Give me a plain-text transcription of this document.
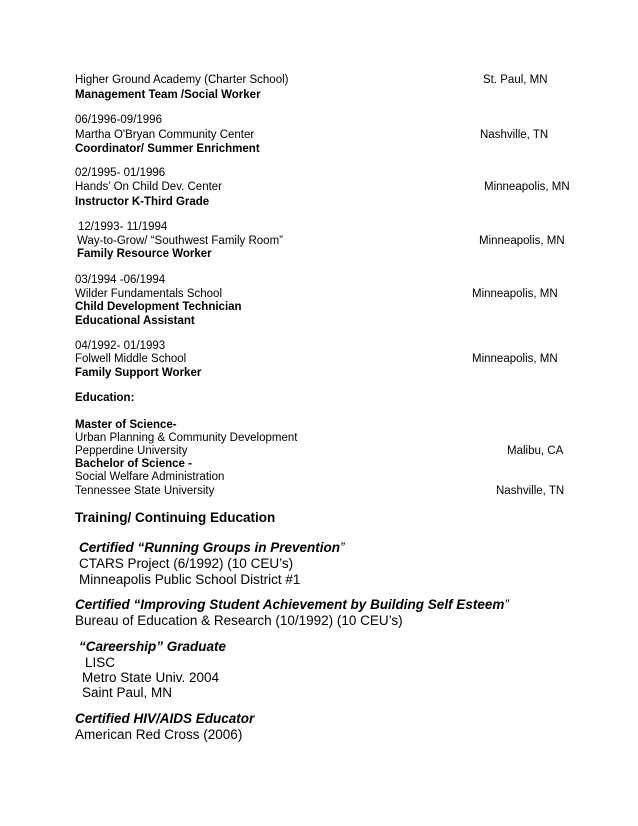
Higher Ground Academy (Charter School)	St. Paul, MN
Management Team /Social Worker
06/1996-09/1996
Martha O'Bryan Community Center	Nashville, TN
Coordinator/ Summer Enrichment
02/1995- 01/1996
Hands’ On Child Dev. Center	Minneapolis, MN
Instructor K-Third Grade
12/1993- 11/1994
Way-to-Grow/ “Southwest Family Room”	Minneapolis, MN
Family Resource Worker
03/1994 -06/1994
Wilder Fundamentals School	Minneapolis, MN
Child Development Technician
Educational Assistant
04/1992- 01/1993
Folwell Middle School	Minneapolis, MN
Family Support Worker
Education:
Master of Science-
Urban Planning & Community Development
Pepperdine University	Malibu, CA
Bachelor of Science -
Social Welfare Administration
Tennessee State University	Nashville, TN
Training/ Continuing Education
Certified “Running Groups in Prevention”
CTARS Project (6/1992) (10 CEU’s)
Minneapolis Public School District #1
Certified “Improving Student Achievement by Building Self Esteem”
Bureau of Education & Research (10/1992) (10 CEU’s)
“Careership” Graduate
LISC
Metro State Univ. 2004
Saint Paul, MN
Certified HIV/AIDS Educator
American Red Cross (2006)
